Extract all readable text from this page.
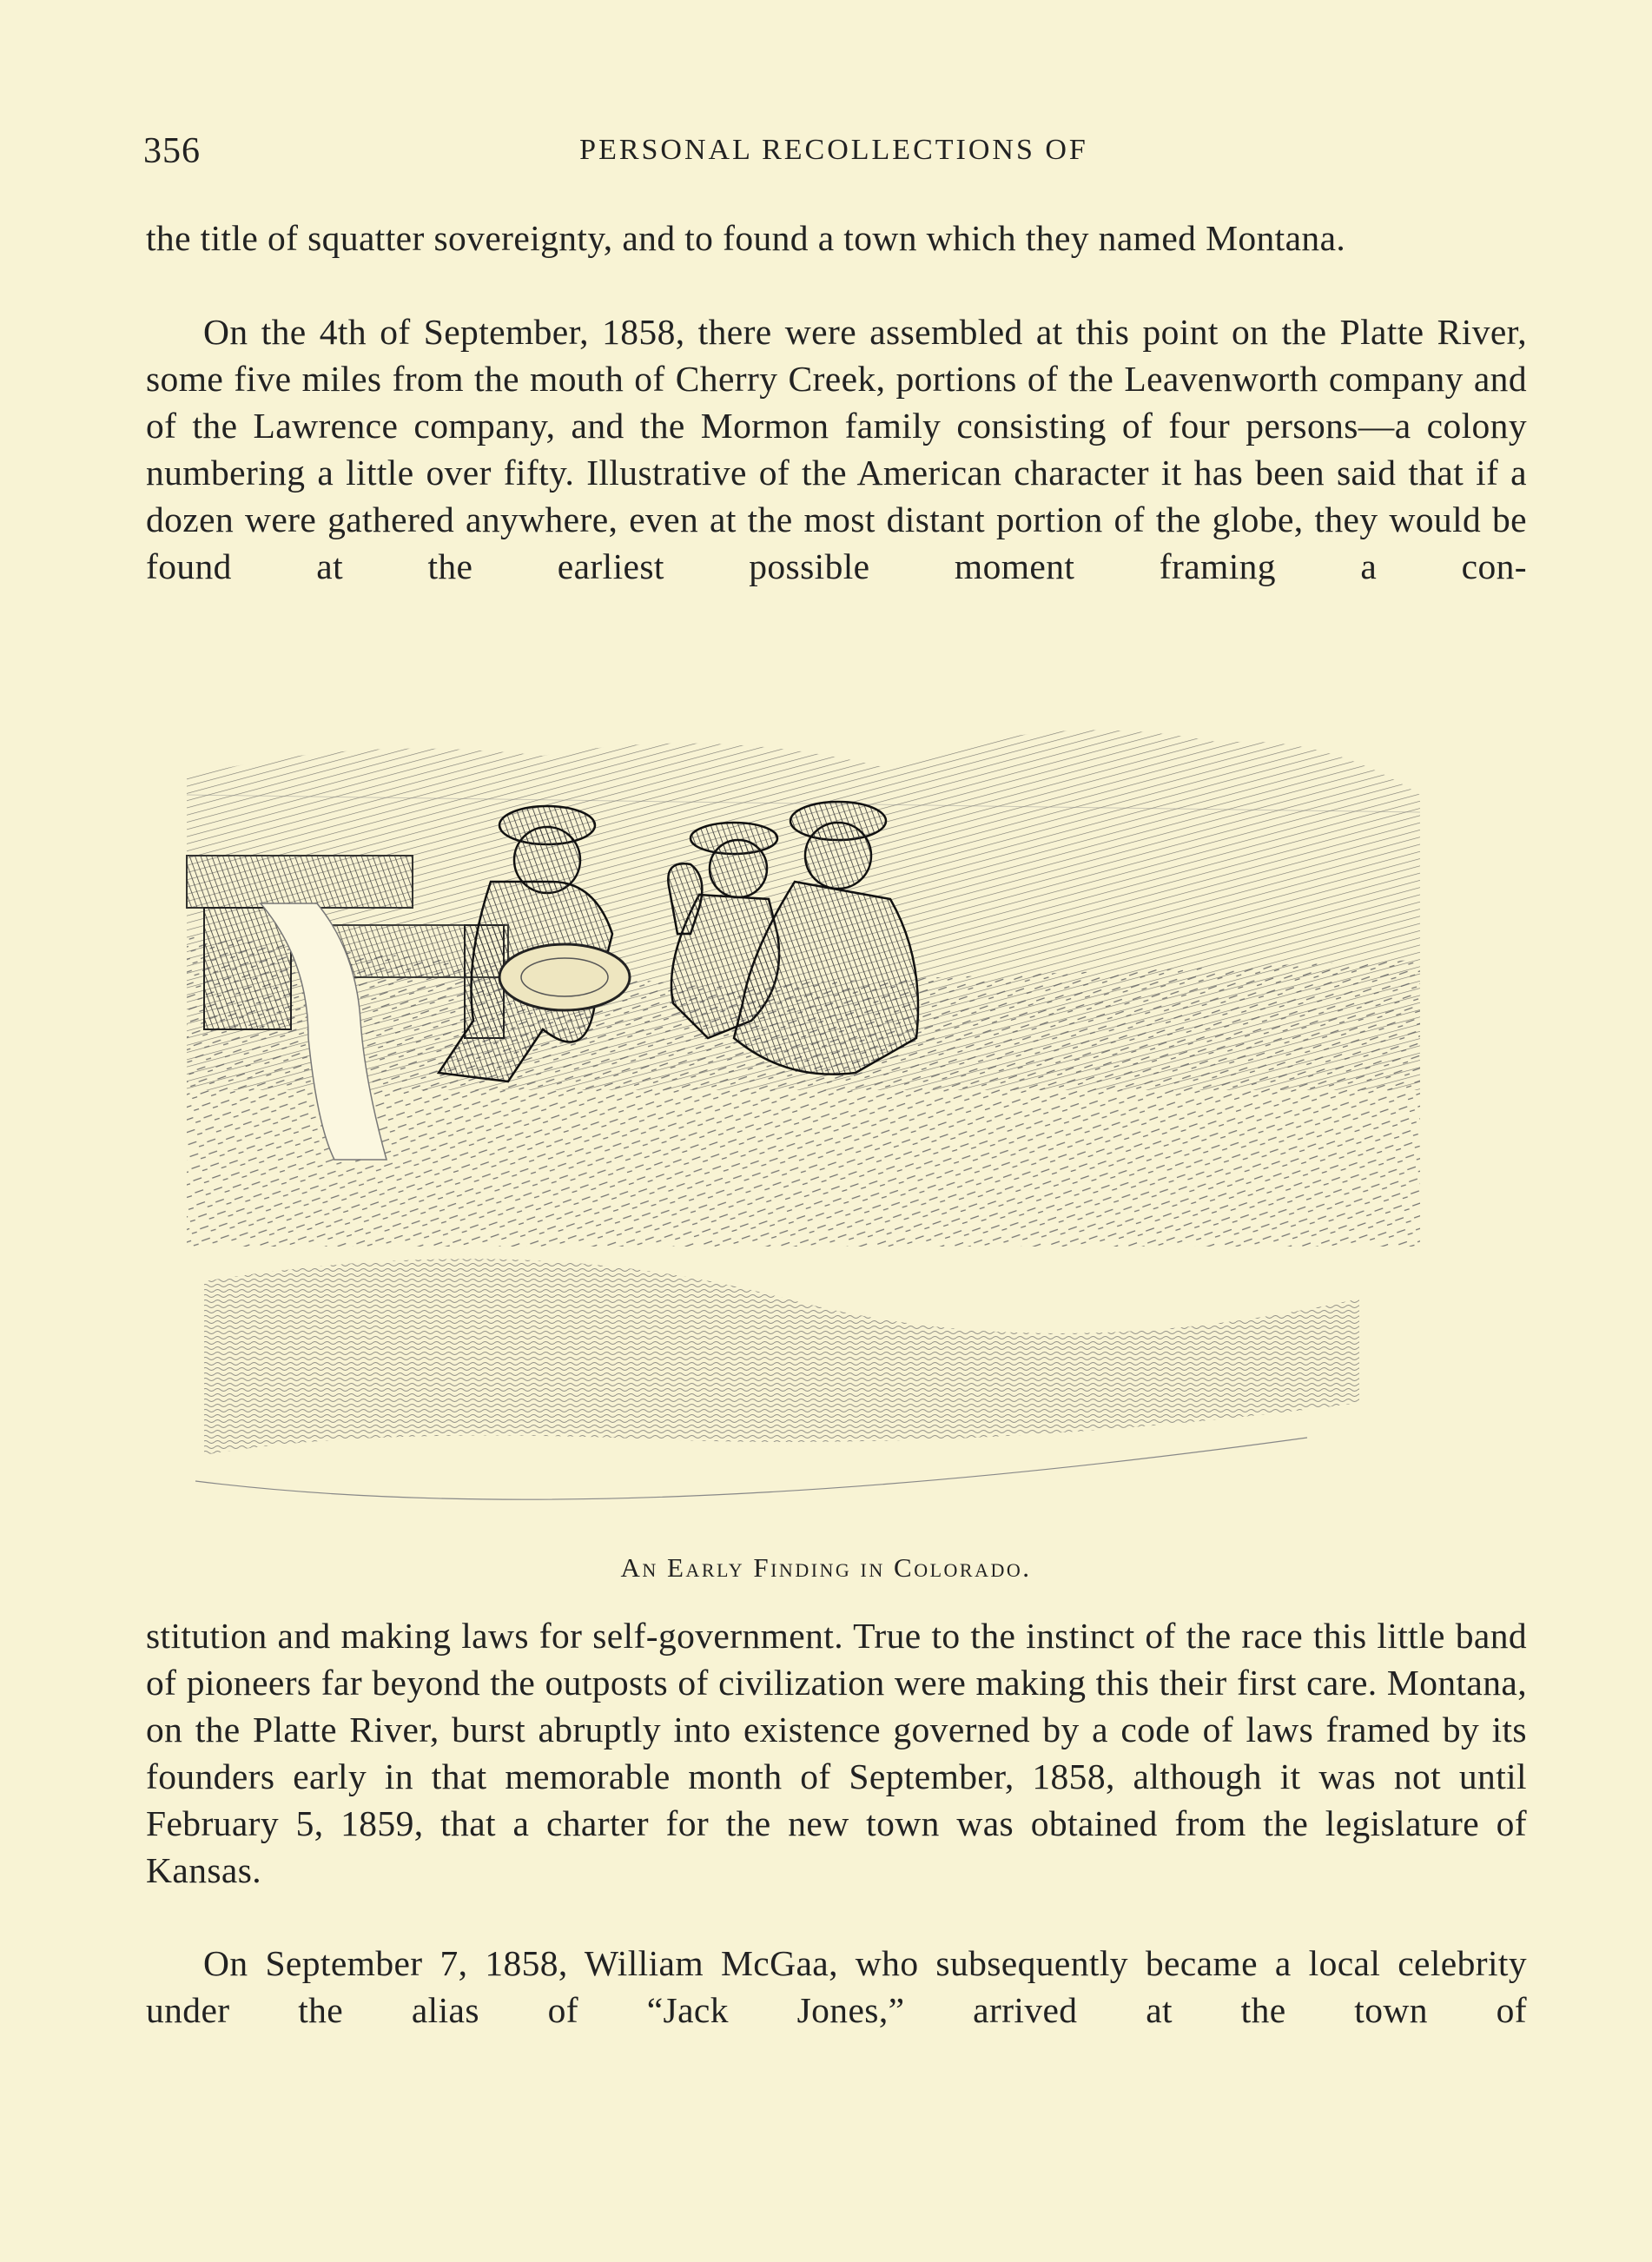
356	PERSONAL RECOLLECTIONS OF

the title of squatter sovereignty, and to found a town which they named Montana.

On the 4th of September, 1858, there were assembled at this point on the Platte River, some five miles from the mouth of Cherry Creek, portions of the Leavenworth company and of the Lawrence company, and the Mormon family consisting of four persons—a colony numbering a little over fifty. Illustrative of the American character it has been said that if a dozen were gathered anywhere, even at the most distant portion of the globe, they would be found at the earliest possible moment framing a con-

An Early Finding in Colorado.

stitution and making laws for self-government. True to the instinct of the race this little band of pioneers far beyond the outposts of civilization were making this their first care. Montana, on the Platte River, burst abruptly into existence governed by a code of laws framed by its founders early in that memorable month of September, 1858, although it was not until February 5, 1859, that a charter for the new town was obtained from the legislature of Kansas.

On September 7, 1858, William McGaa, who subsequently became a local celebrity under the alias of “Jack Jones,” arrived at the town of
